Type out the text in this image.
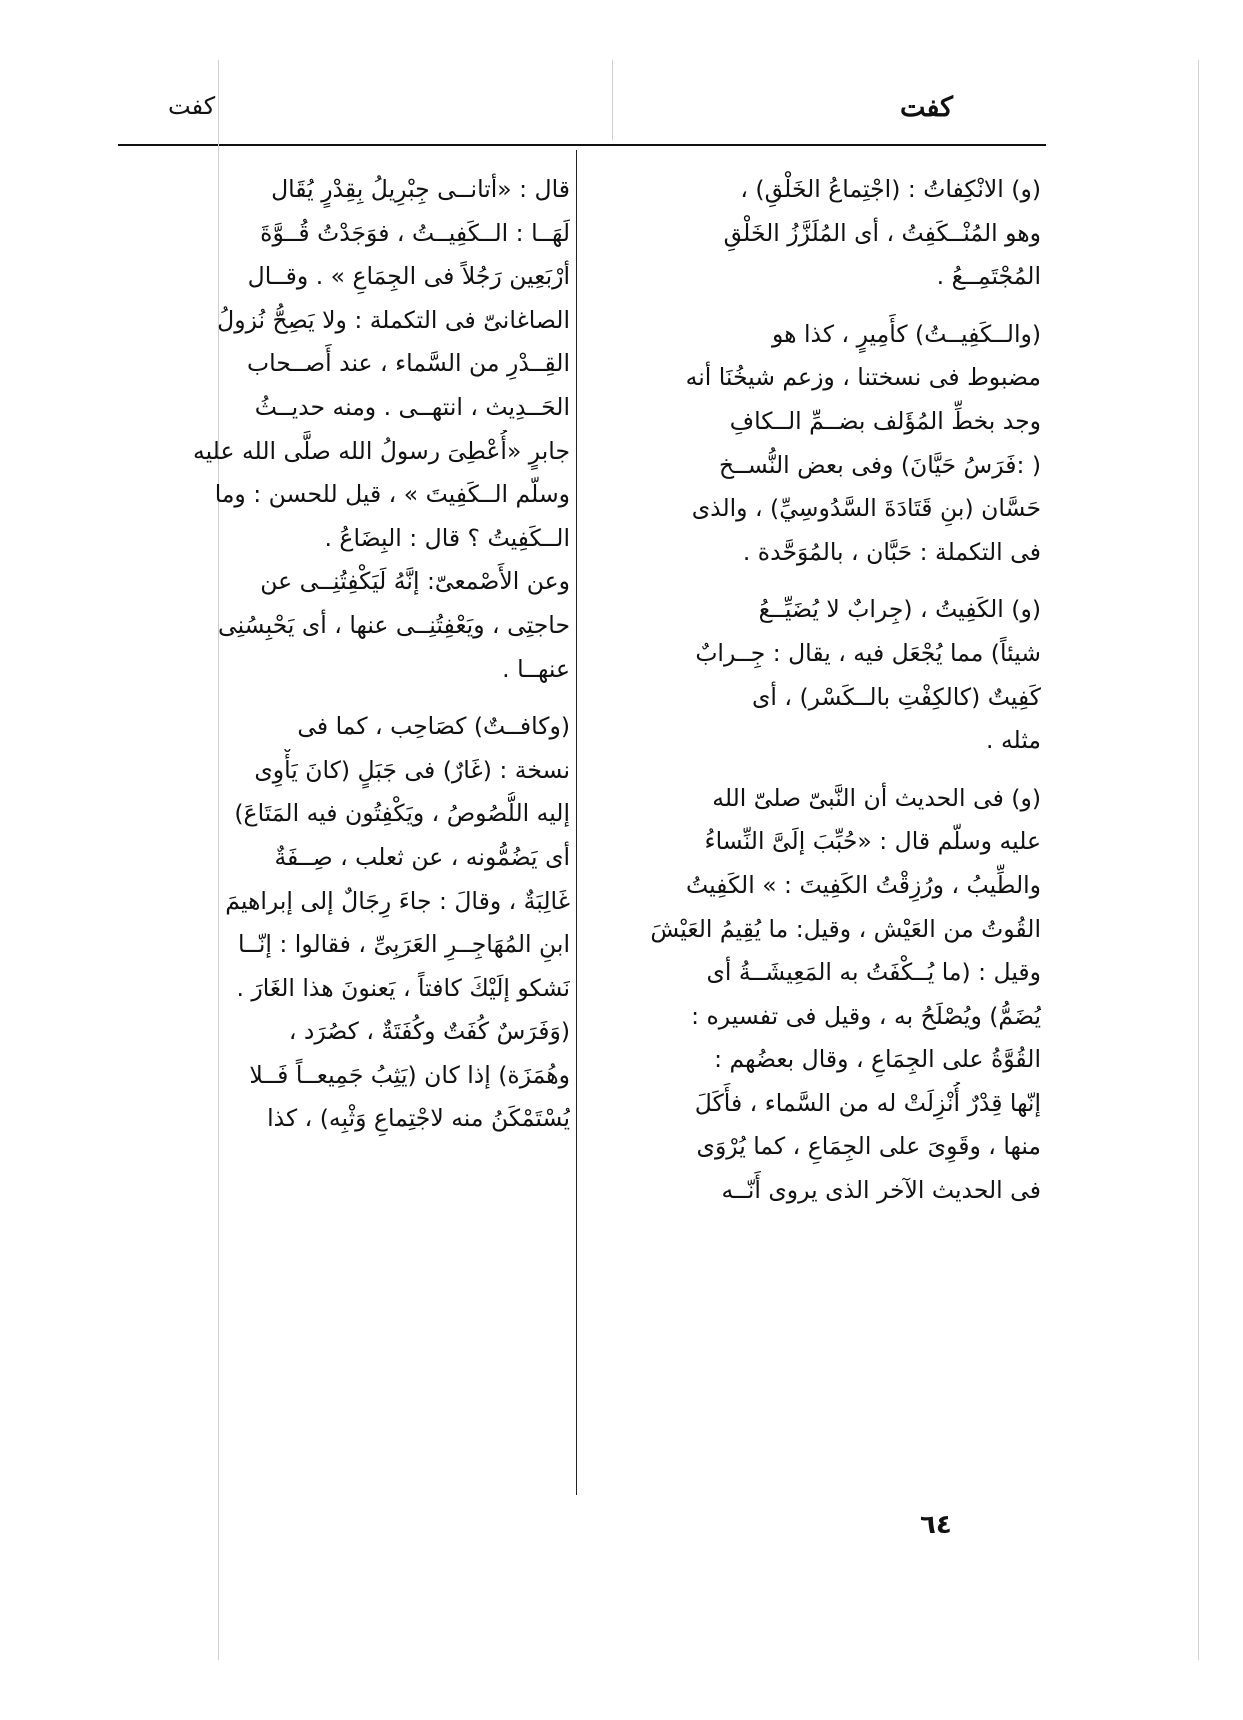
كفت
كفت
(و) الانْكِفاتُ : (اجْتِماعُ الخَلْقِ) ،
وهو المُنْــكَفِتُ ، أى المُلَزَّزُ الخَلْقِ
المُجْتَمِــعُ .
(والــكَفِيــتُ) كأَمِيرٍ ، كذا هو
مضبوط فى نسختنا ، وزعم شيخُنَا أنه
وجد بخطِّ المُؤَلف بضــمِّ الــكافِ
( :فَرَسُ حَيَّانَ) وفى بعض النُّســخ
حَسَّان (بنِ قَتَادَةَ السَّدُوسِيِّ) ، والذى
فى التكملة : حَبَّان ، بالمُوَحَّدة .
(و) الكَفِيتُ ، (جِرابٌ لا يُضَيِّــعُ
شيئاً) مما يُجْعَل فيه ، يقال : جِــرابٌ
كَفِيتٌ (كالكِفْتِ بالــكَسْر) ، أى
مثله .
(و) فى الحديث أن النَّبىّ صلىّ الله
عليه وسلّم قال : «حُبِّبَ إلَىَّ النِّساءُ
والطِّيبُ ، ورُزِقْتُ الكَفِيتَ : » الكَفِيتُ
القُوتُ من العَيْش ، وقيل: ما يُقِيمُ العَيْشَ
وقيل : (ما يُــكْفَتُ به المَعِيشَــةُ أى
يُضَمُّ) ويُصْلَحُ به ، وقيل فى تفسيره :
القُوَّةُ على الجِمَاعِ ، وقال بعضُهم :
إنّها قِدْرٌ أُنْزِلَتْ له من السَّماء ، فأَكَلَ
منها ، وقَوِىَ على الجِمَاعِ ، كما يُرْوَى
فى الحديث الآخر الذى يروى أَنّــه
قال : «أتانــى جِبْرِيلُ بِقِدْرٍ يُقَال
لَهَــا : الــكَفِيــتُ ، فوَجَدْتُ قُــوَّةَ
أرْبَعِين رَجُلاً فى الجِمَاعِ » . وقــال
الصاغانىّ فى التكملة : ولا يَصِحُّ نُزولُ
القِــدْرِ من السَّماء ، عند أَصــحاب
الحَــدِيث ، انتهــى . ومنه حديــثُ
جابرٍ «أُعْطِىَ رسولُ الله صلَّى الله عليه
وسلّم الــكَفِيتَ » ، قيل للحسن : وما
الــكَفِيتُ ؟ قال : البِضَاعُ .
وعن الأَصْمعىّ: إنَّهُ لَيَكْفِتُنِــى عن
حاجتِى ، ويَعْفِتُنِــى عنها ، أى يَحْبِسُنِى
عنهــا .
(وكافــتٌ) كصَاحِب ، كما فى
نسخة : (غَارٌ) فى جَبَلٍ (كانَ يَأْوِى
إليه اللُّصُوصُ ، ويَكْفِتُون فيه المَتَاعَ)
أى يَضُمُّونه ، عن ثعلب ، صِــفَةٌ
غَالِبَةٌ ، وقالَ : جاءَ رِجَالٌ إلى إبراهيمَ
ابنِ المُهَاجِــرِ العَرَبِىِّ ، فقالوا : إنّــا
نَشكو إلَيْكَ كافتاً ، يَعنونَ هذا الغَارَ .
(وَفَرَسٌ كُفَتٌ وكُفَتَةٌ ، كصُرَد ،
وهُمَزَة) إذا كان (يَثِبُ جَمِيعــاً فَــلا
يُسْتَمْكَنُ منه لاجْتِماعِ وَثْبِه) ، كذا
٦٤
